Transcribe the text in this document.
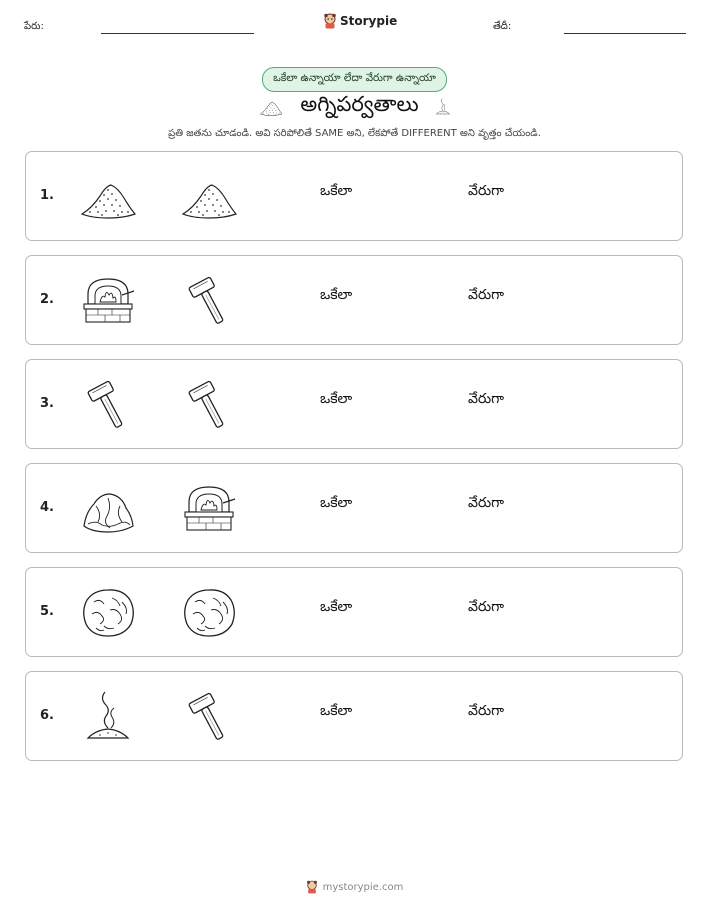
పేరు:	Storypie	తేదీ:
ఒకేలా ఉన్నాయా లేదా వేరుగా ఉన్నాయా
అగ్నిపర్వతాలు
ప్రతి జతను చూడండి. అవి సరిపోలితే SAME అని, లేకపోతే DIFFERENT అని వృత్తం చేయండి.
1.	ఒకేలా	వేరుగా
2.	ఒకేలా	వేరుగా
3.	ఒకేలా	వేరుగా
4.	ఒకేలా	వేరుగా
5.	ఒకేలా	వేరుగా
6.	ఒకేలా	వేరుగా
mystorypie.com
